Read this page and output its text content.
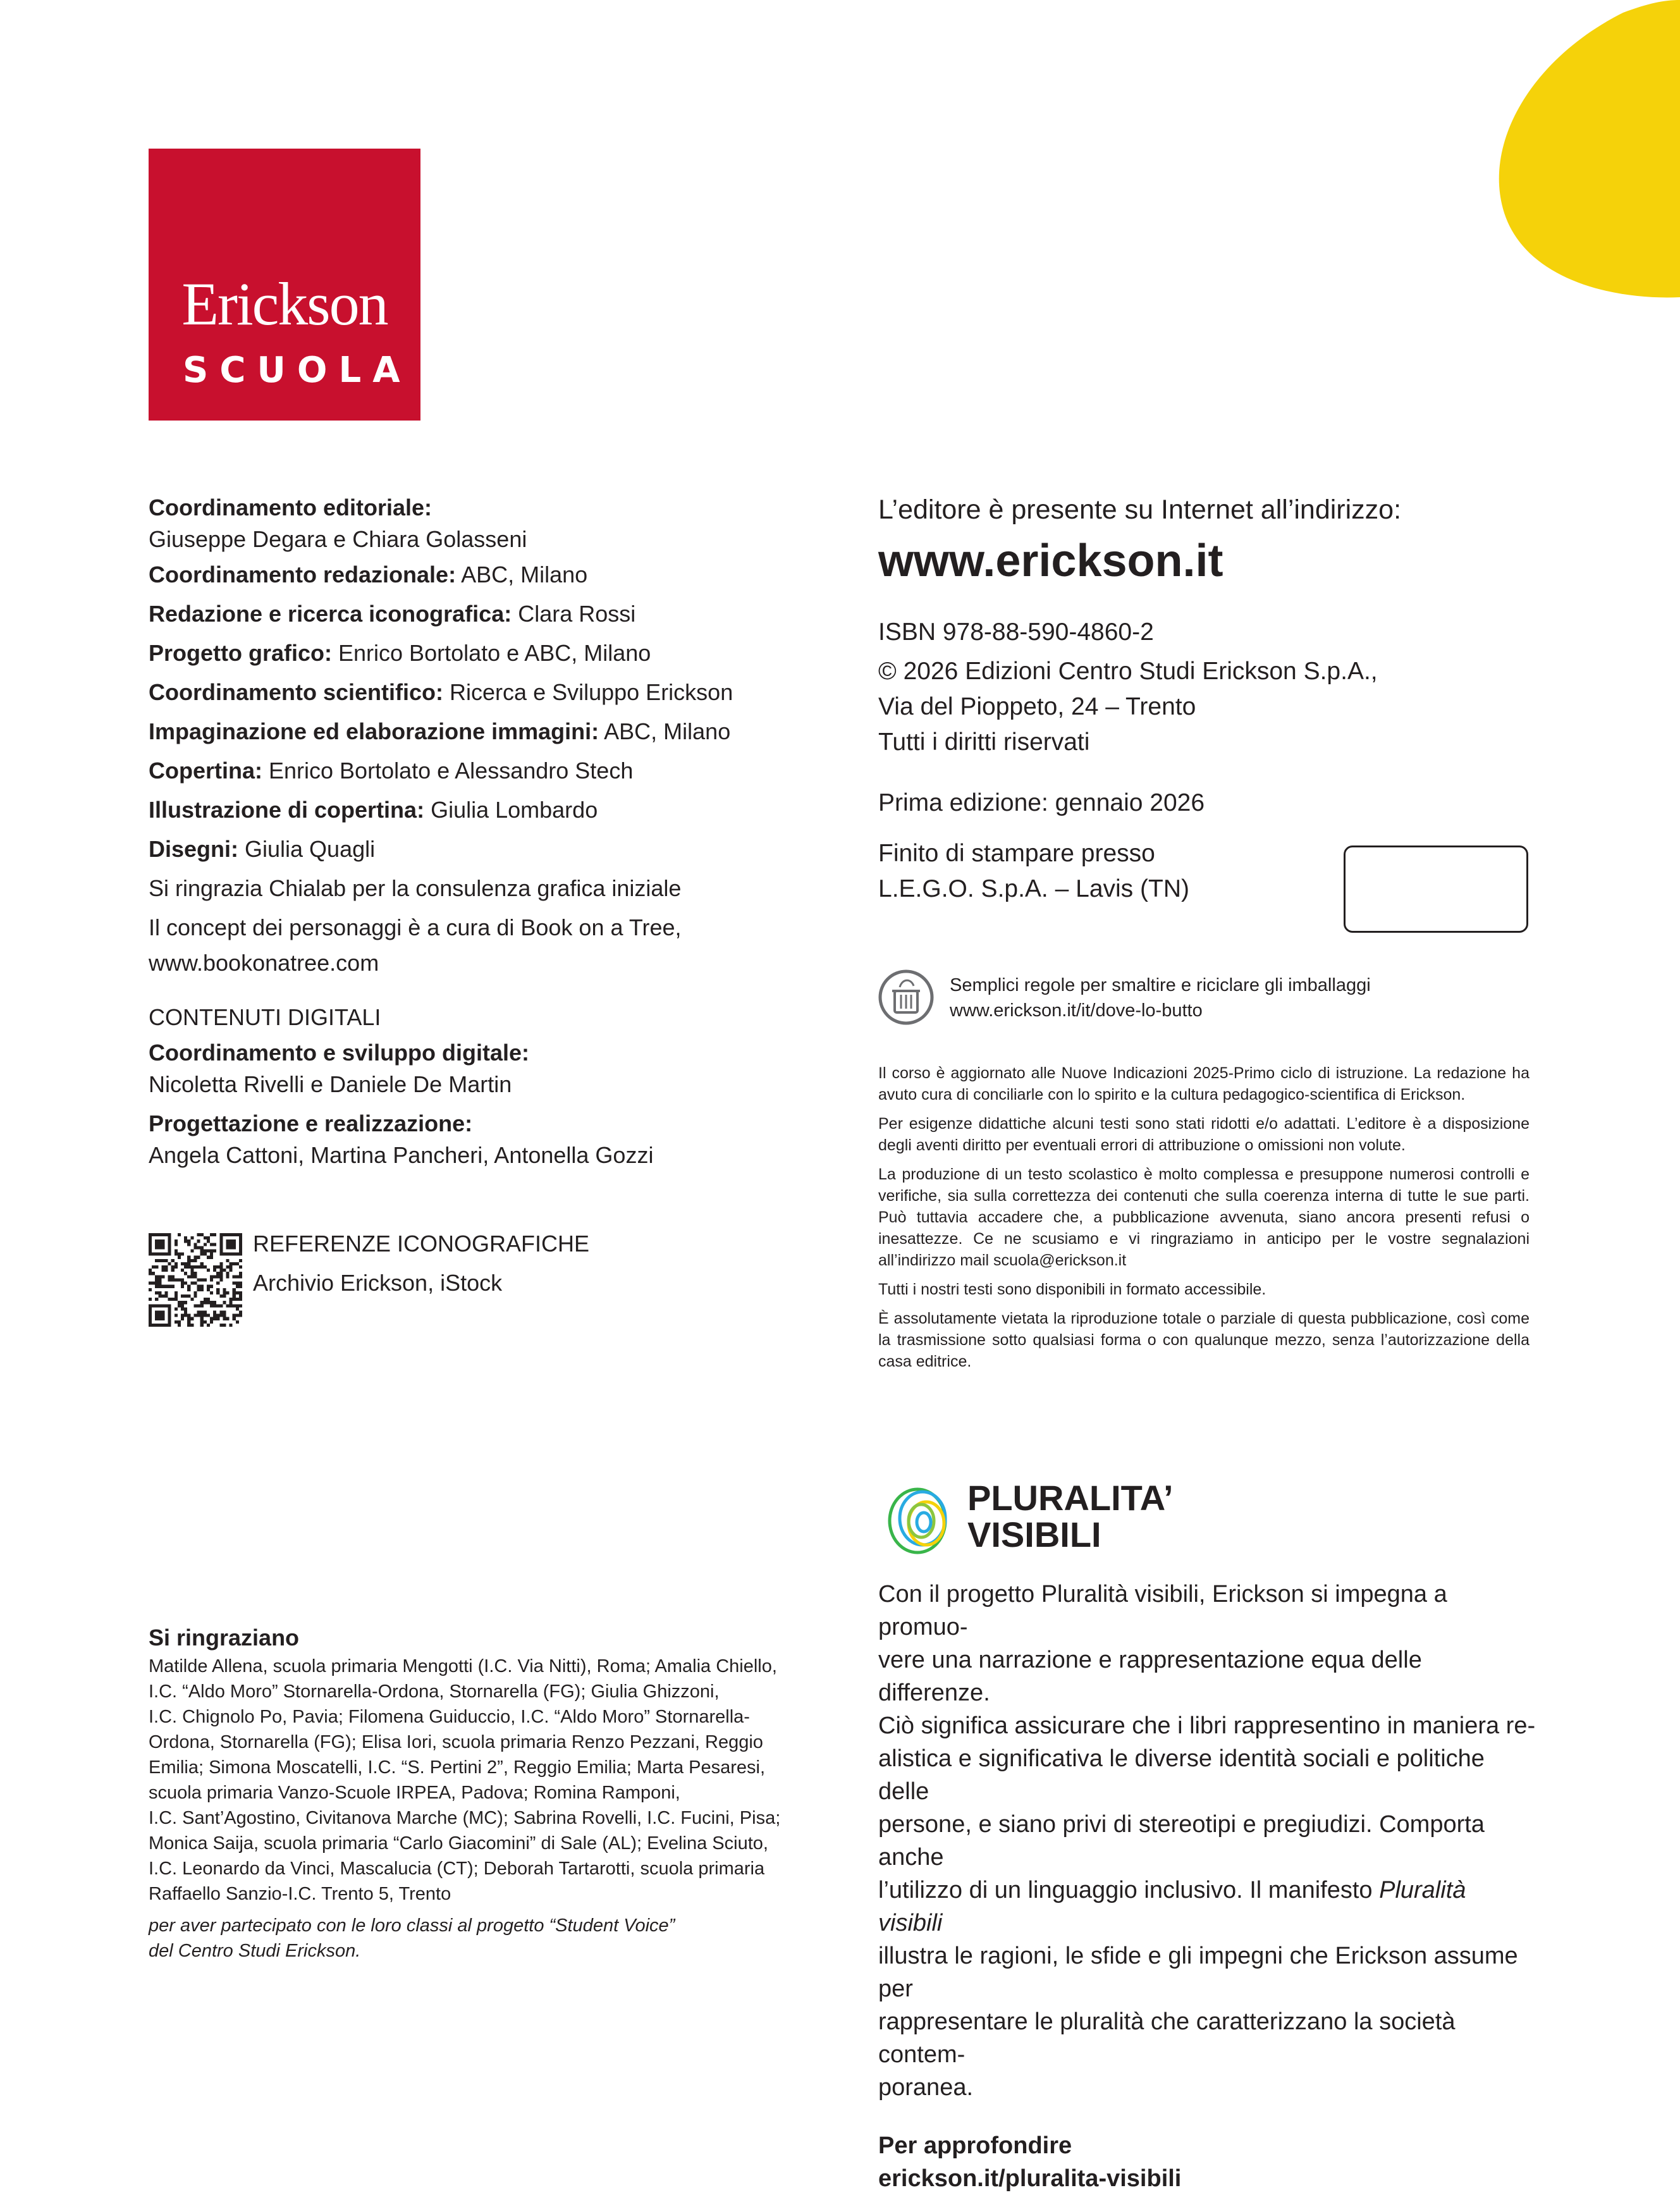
Erickson
SCUOLA
Coordinamento editoriale:
Giuseppe Degara e Chiara Golasseni
Coordinamento redazionale: ABC, Milano
Redazione e ricerca iconografica: Clara Rossi
Progetto grafico: Enrico Bortolato e ABC, Milano
Coordinamento scientifico: Ricerca e Sviluppo Erickson
Impaginazione ed elaborazione immagini: ABC, Milano
Copertina: Enrico Bortolato e Alessandro Stech
Illustrazione di copertina: Giulia Lombardo
Disegni: Giulia Quagli
Si ringrazia Chialab per la consulenza grafica iniziale
Il concept dei personaggi è a cura di Book on a Tree,
www.bookonatree.com
CONTENUTI DIGITALI
Coordinamento e sviluppo digitale:
Nicoletta Rivelli e Daniele De Martin
Progettazione e realizzazione:
Angela Cattoni, Martina Pancheri, Antonella Gozzi
L’editore è presente su Internet all’indirizzo:
www.erickson.it
ISBN 978-88-590-4860-2
© 2026 Edizioni Centro Studi Erickson S.p.A.,
Via del Pioppeto, 24 – Trento
Tutti i diritti riservati
Prima edizione: gennaio 2026
Finito di stampare presso
L.E.G.O. S.p.A. – Lavis (TN)
Semplici regole per smaltire e riciclare gli imballaggi
www.erickson.it/it/dove-lo-butto
Il corso è aggiornato alle Nuove Indicazioni 2025-Primo ciclo di istruzione. La redazione ha avuto cura di conciliarle con lo spirito e la cultura pedagogico-scientifica di Erickson.
Per esigenze didattiche alcuni testi sono stati ridotti e/o adattati. L’editore è a disposizione degli aventi diritto per eventuali errori di attribuzione o omissioni non volute.
La produzione di un testo scolastico è molto complessa e presuppone numerosi controlli e verifiche, sia sulla correttezza dei contenuti che sulla coerenza interna di tutte le sue parti. Può tuttavia accadere che, a pubblicazione avvenuta, siano ancora presenti refusi o inesattezze. Ce ne scusiamo e vi ringraziamo in anticipo per le vostre segnalazioni all’indirizzo mail scuola@erickson.it
Tutti i nostri testi sono disponibili in formato accessibile.
È assolutamente vietata la riproduzione totale o parziale di questa pubblicazione, così come la trasmissione sotto qualsiasi forma o con qualunque mezzo, senza l’autorizzazione della casa editrice.
REFERENZE ICONOGRAFICHE
Archivio Erickson, iStock
PLURALITA’
VISIBILI
Con il progetto Pluralità visibili, Erickson si impegna a promuo-
vere una narrazione e rappresentazione equa delle differenze.
Ciò significa assicurare che i libri rappresentino in maniera re-
alistica e significativa le diverse identità sociali e politiche delle
persone, e siano privi di stereotipi e pregiudizi. Comporta anche
l’utilizzo di un linguaggio inclusivo. Il manifesto Pluralità visibili
illustra le ragioni, le sfide e gli impegni che Erickson assume per
rappresentare le pluralità che caratterizzano la società contem-
poranea.
Per approfondire
erickson.it/pluralita-visibili
Si ringraziano
Matilde Allena, scuola primaria Mengotti (I.C. Via Nitti), Roma; Amalia Chiello,
I.C. “Aldo Moro” Stornarella-Ordona, Stornarella (FG); Giulia Ghizzoni,
I.C. Chignolo Po, Pavia; Filomena Guiduccio, I.C. “Aldo Moro” Stornarella-
Ordona, Stornarella (FG); Elisa Iori, scuola primaria Renzo Pezzani, Reggio
Emilia; Simona Moscatelli, I.C. “S. Pertini 2”, Reggio Emilia; Marta Pesaresi,
scuola primaria Vanzo-Scuole IRPEA, Padova; Romina Ramponi,
I.C. Sant’Agostino, Civitanova Marche (MC); Sabrina Rovelli, I.C. Fucini, Pisa;
Monica Saija, scuola primaria “Carlo Giacomini” di Sale (AL); Evelina Sciuto,
I.C. Leonardo da Vinci, Mascalucia (CT); Deborah Tartarotti, scuola primaria
Raffaello Sanzio-I.C. Trento 5, Trento
per aver partecipato con le loro classi al progetto “Student Voice”
del Centro Studi Erickson.
